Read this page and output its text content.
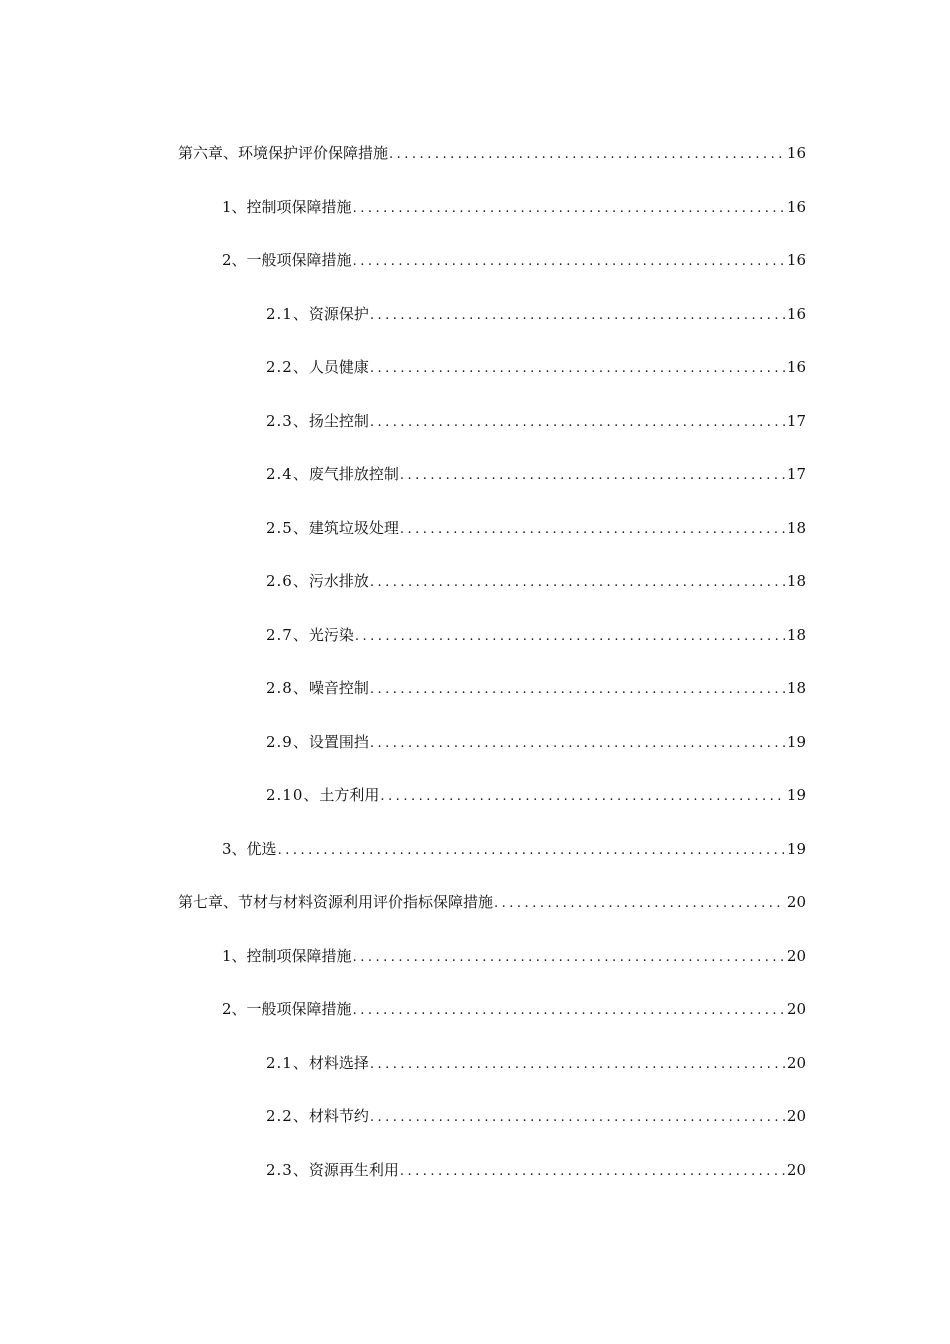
第六章、 环境保护评价保障措施 .....	16
1、 控制项保障措施 .....	16
2、 一般项保障措施 .....	16
2.1、 资源保护 .....	16
2.2、 人员健康 .....	16
2.3、 扬尘控制 .....	17
2.4、 废气排放控制 .....	17
2.5、 建筑垃圾处理 .....	18
2.6、 污水排放 .....	18
2.7、 光污染 .....	18
2.8、 噪音控制 .....	18
2.9、 设置围挡 .....	19
2.10、 土方利用 .....	19
3、 优选 .....	19
第七章、 节材与材料资源利用评价指标保障措施 .....	20
1、 控制项保障措施 .....	20
2、 一般项保障措施 .....	20
2.1、 材料选择 .....	20
2.2、 材料节约 .....	20
2.3、 资源再生利用 .....	20
